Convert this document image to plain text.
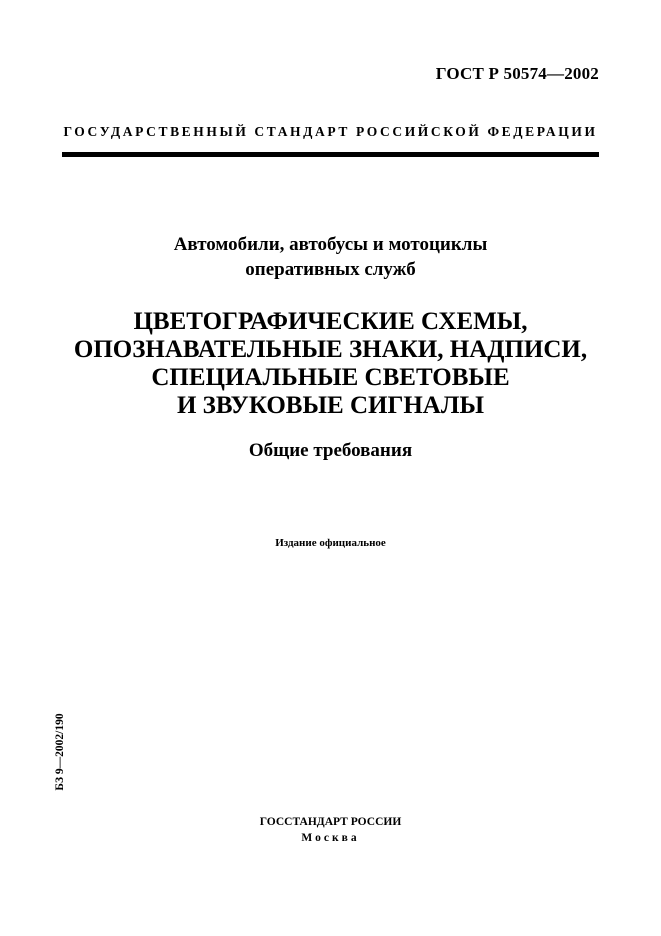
ГОСТ Р 50574—2002
ГОСУДАРСТВЕННЫЙ СТАНДАРТ РОССИЙСКОЙ ФЕДЕРАЦИИ
Автомобили, автобусы и мотоциклы
оперативных служб
ЦВЕТОГРАФИЧЕСКИЕ СХЕМЫ,
ОПОЗНАВАТЕЛЬНЫЕ ЗНАКИ, НАДПИСИ,
СПЕЦИАЛЬНЫЕ СВЕТОВЫЕ
И ЗВУКОВЫЕ СИГНАЛЫ
Общие требования
Издание официальное
БЗ 9—2002/190
ГОССТАНДАРТ РОССИИ
Москва
